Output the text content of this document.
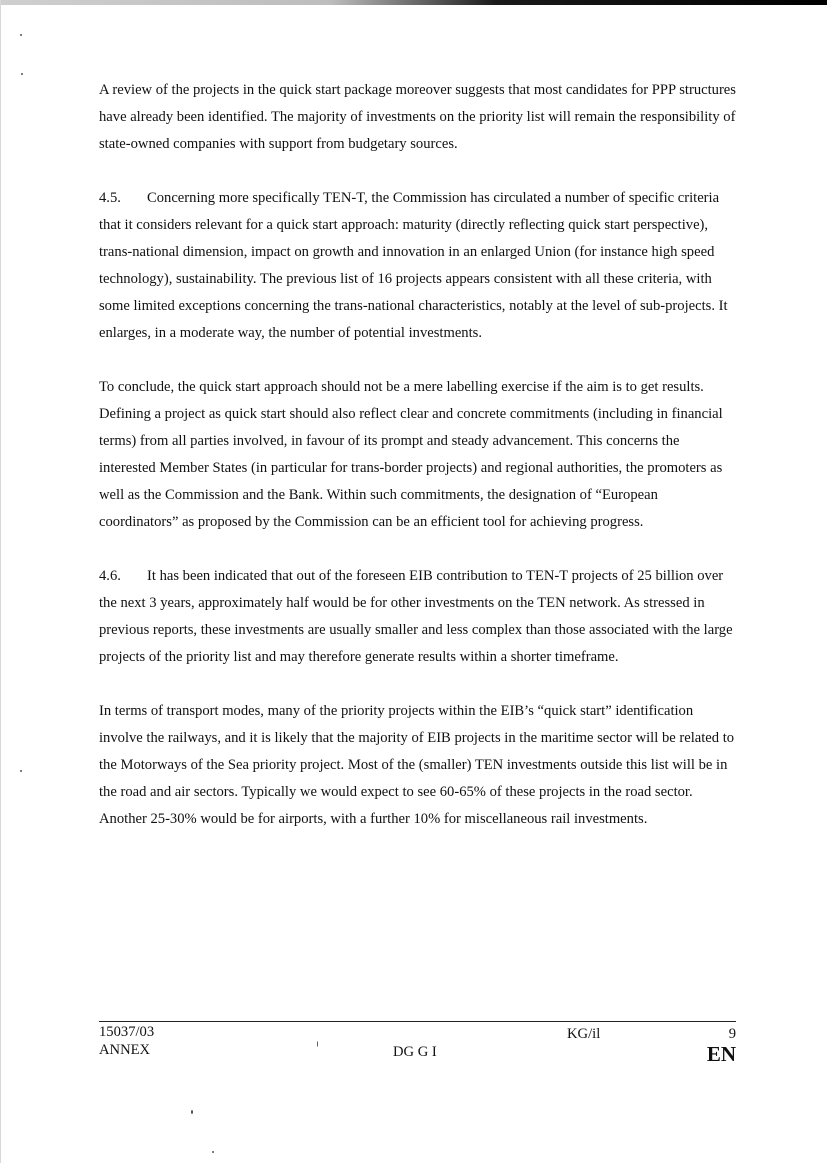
A review of the projects in the quick start package moreover suggests that most candidates for PPP structures have already been identified. The majority of investments on the priority list will remain the responsibility of state-owned companies with support from budgetary sources.

4.5. Concerning more specifically TEN-T, the Commission has circulated a number of specific criteria that it considers relevant for a quick start approach: maturity (directly reflecting quick start perspective), trans-national dimension, impact on growth and innovation in an enlarged Union (for instance high speed technology), sustainability. The previous list of 16 projects appears consistent with all these criteria, with some limited exceptions concerning the trans-national characteristics, notably at the level of sub-projects. It enlarges, in a moderate way, the number of potential investments.

To conclude, the quick start approach should not be a mere labelling exercise if the aim is to get results. Defining a project as quick start should also reflect clear and concrete commitments (including in financial terms) from all parties involved, in favour of its prompt and steady advancement. This concerns the interested Member States (in particular for trans-border projects) and regional authorities, the promoters as well as the Commission and the Bank. Within such commitments, the designation of “European coordinators” as proposed by the Commission can be an efficient tool for achieving progress.

4.6. It has been indicated that out of the foreseen EIB contribution to TEN-T projects of 25 billion over the next 3 years, approximately half would be for other investments on the TEN network. As stressed in previous reports, these investments are usually smaller and less complex than those associated with the large projects of the priority list and may therefore generate results within a shorter timeframe.

In terms of transport modes, many of the priority projects within the EIB’s “quick start” identification involve the railways, and it is likely that the majority of EIB projects in the maritime sector will be related to the Motorways of the Sea priority project. Most of the (smaller) TEN investments outside this list will be in the road and air sectors. Typically we would expect to see 60-65% of these projects in the road sector. Another 25-30% would be for airports, with a further 10% for miscellaneous rail investments.

15037/03
ANNEX	DG G I
KG/il	9
EN
